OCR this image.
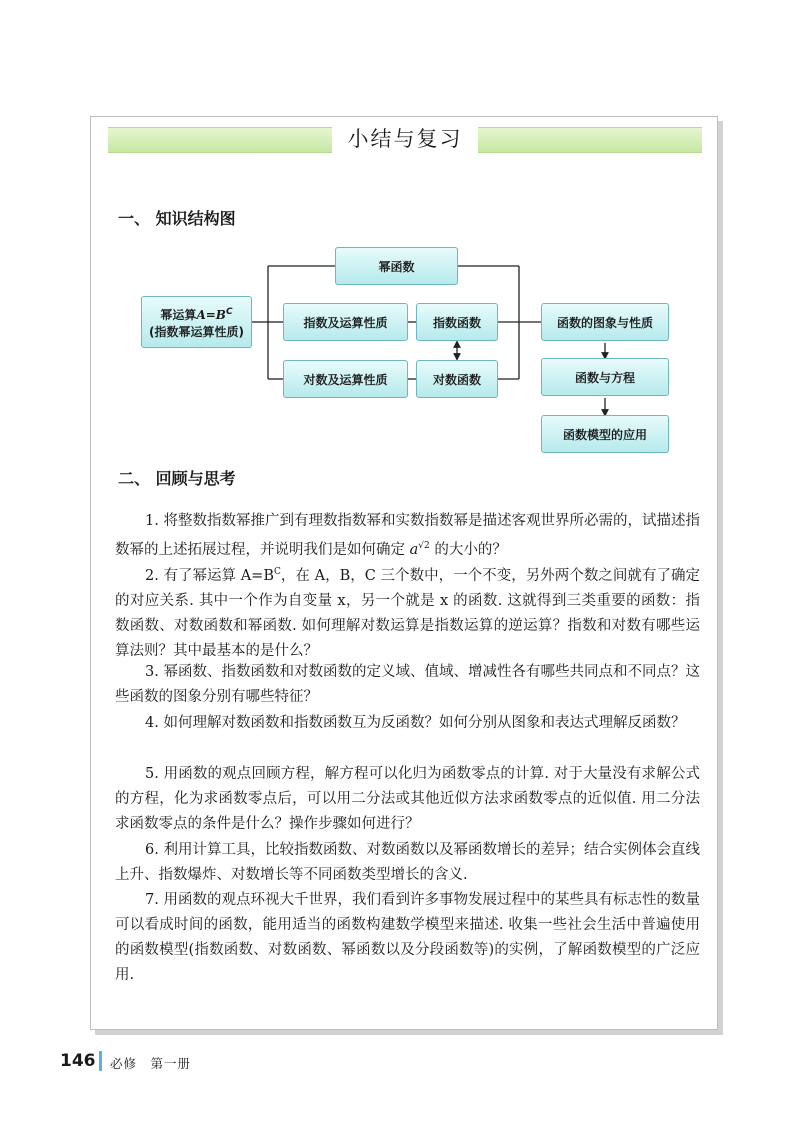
小结与复习
一、 知识结构图
幂运算$A=B^C$
(指数幂运算性质)
幂函数
指数及运算性质	指数函数
对数及运算性质	对数函数
函数的图象与性质
函数与方程
函数模型的应用
二、 回顾与思考
1. 将整数指数幂推广到有理数指数幂和实数指数幂是描述客观世界所必需的，试描述指数幂的上述拓展过程，并说明我们是如何确定 $a^{√2}$ 的大小的？
2. 有了幂运算 $A=B^C$，在 A，B，C 三个数中，一个不变，另外两个数之间就有了确定的对应关系. 其中一个作为自变量 x，另一个就是 x 的函数. 这就得到三类重要的函数：指数函数、对数函数和幂函数. 如何理解对数运算是指数运算的逆运算？指数和对数有哪些运算法则？其中最基本的是什么？
3. 幂函数、指数函数和对数函数的定义域、值域、增减性各有哪些共同点和不同点？这些函数的图象分别有哪些特征？
4. 如何理解对数函数和指数函数互为反函数？如何分别从图象和表达式理解反函数？
5. 用函数的观点回顾方程，解方程可以化归为函数零点的计算. 对于大量没有求解公式的方程，化为求函数零点后，可以用二分法或其他近似方法求函数零点的近似值. 用二分法求函数零点的条件是什么？操作步骤如何进行？
6. 利用计算工具，比较指数函数、对数函数以及幂函数增长的差异；结合实例体会直线上升、指数爆炸、对数增长等不同函数类型增长的含义.
7. 用函数的观点环视大千世界，我们看到许多事物发展过程中的某些具有标志性的数量可以看成时间的函数，能用适当的函数构建数学模型来描述. 收集一些社会生活中普遍使用的函数模型(指数函数、对数函数、幂函数以及分段函数等)的实例，了解函数模型的广泛应用.
146 必修　第一册
